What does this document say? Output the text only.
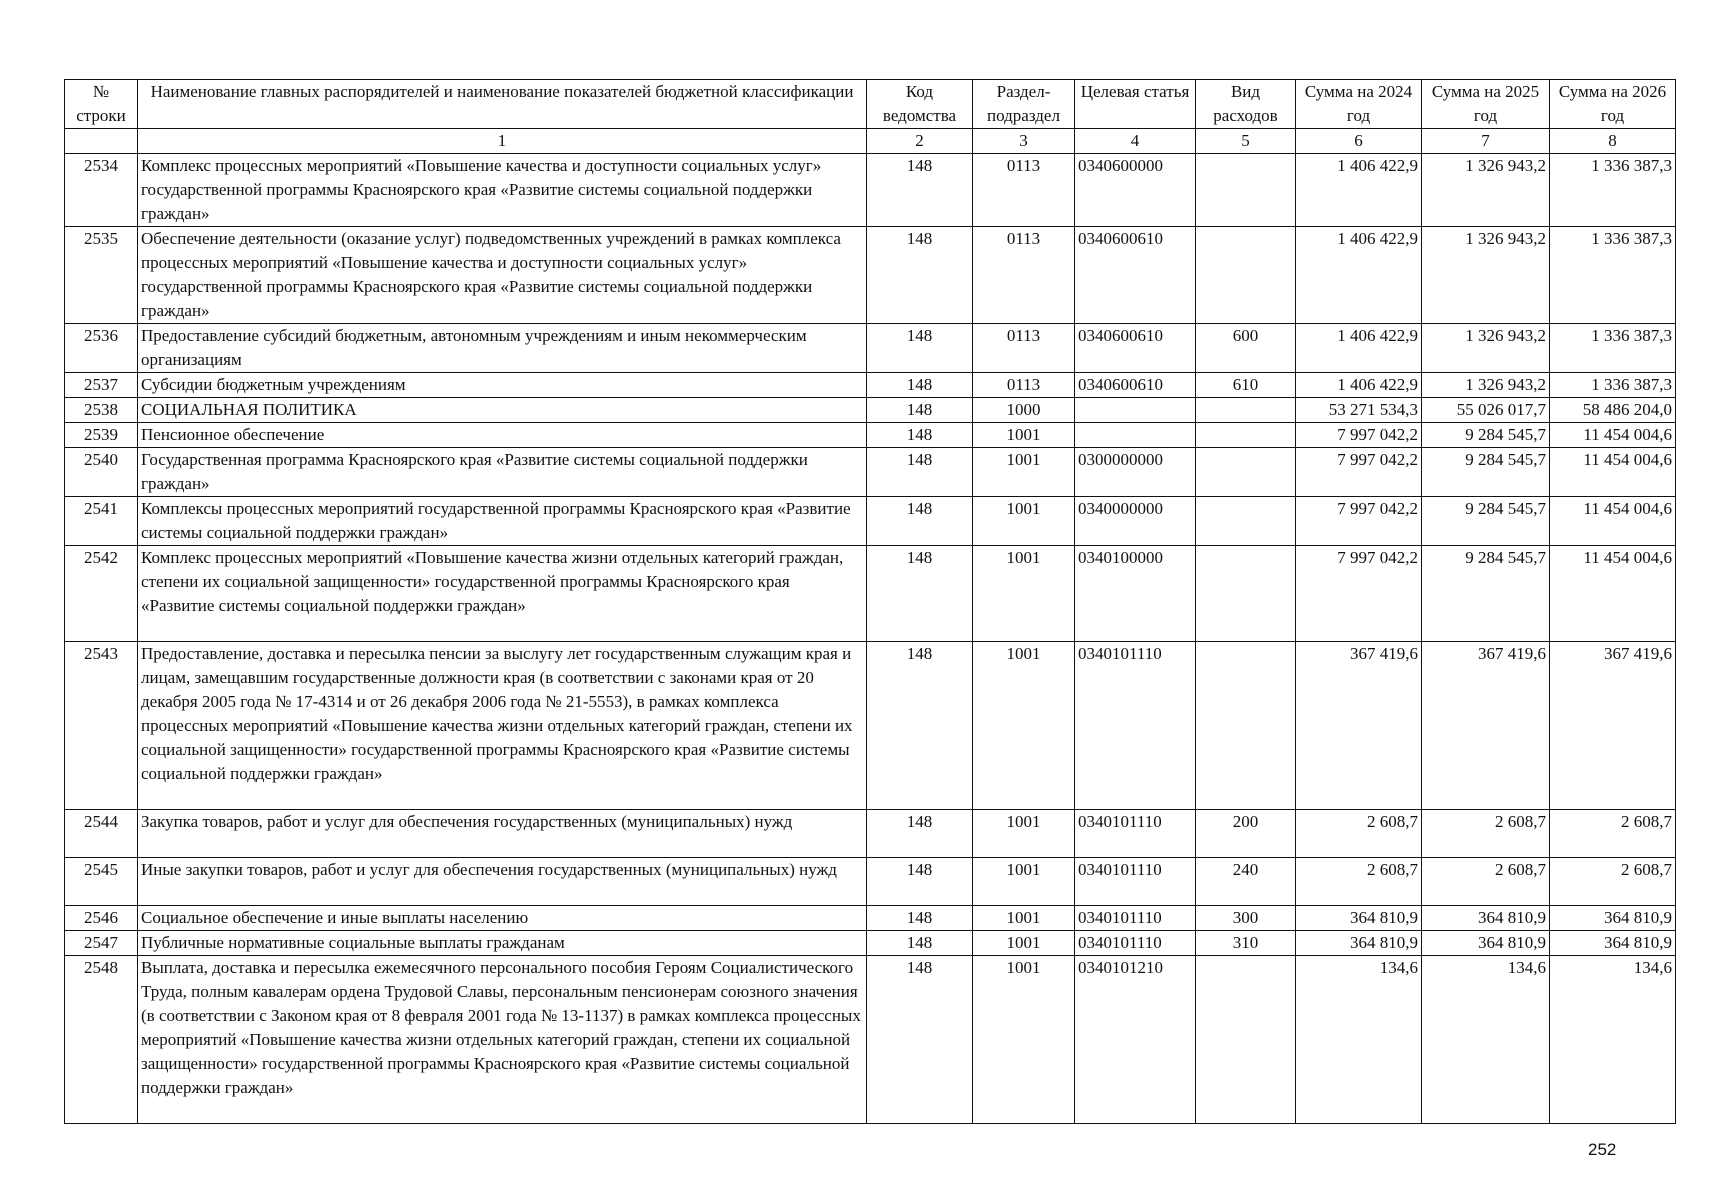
№ строки	Наименование главных распорядителей и наименование показателей бюджетной классификации	Код ведомства	Раздел-подраздел	Целевая статья	Вид расходов	Сумма на 2024 год	Сумма на 2025 год	Сумма на 2026 год
	1	2	3	4	5	6	7	8
2534	Комплекс процессных мероприятий «Повышение качества и доступности социальных услуг» государственной программы Красноярского края «Развитие системы социальной поддержки граждан»	148	0113	0340600000		1 406 422,9	1 326 943,2	1 336 387,3
2535	Обеспечение деятельности (оказание услуг) подведомственных учреждений в рамках комплекса процессных мероприятий «Повышение качества и доступности социальных услуг» государственной программы Красноярского края «Развитие системы социальной поддержки граждан»	148	0113	0340600610		1 406 422,9	1 326 943,2	1 336 387,3
2536	Предоставление субсидий бюджетным, автономным учреждениям и иным некоммерческим организациям	148	0113	0340600610	600	1 406 422,9	1 326 943,2	1 336 387,3
2537	Субсидии бюджетным учреждениям	148	0113	0340600610	610	1 406 422,9	1 326 943,2	1 336 387,3
2538	СОЦИАЛЬНАЯ ПОЛИТИКА	148	1000			53 271 534,3	55 026 017,7	58 486 204,0
2539	Пенсионное обеспечение	148	1001			7 997 042,2	9 284 545,7	11 454 004,6
2540	Государственная программа Красноярского края «Развитие системы социальной поддержки граждан»	148	1001	0300000000		7 997 042,2	9 284 545,7	11 454 004,6
2541	Комплексы процессных мероприятий государственной программы Красноярского края «Развитие системы социальной поддержки граждан»	148	1001	0340000000		7 997 042,2	9 284 545,7	11 454 004,6
2542	Комплекс процессных мероприятий «Повышение качества жизни отдельных категорий граждан, степени их социальной защищенности» государственной программы Красноярского края «Развитие системы социальной поддержки граждан»	148	1001	0340100000		7 997 042,2	9 284 545,7	11 454 004,6
2543	Предоставление, доставка и пересылка пенсии за выслугу лет государственным служащим края и лицам, замещавшим государственные должности края (в соответствии с законами края от 20 декабря 2005 года № 17-4314 и от 26 декабря 2006 года № 21-5553), в рамках комплекса процессных мероприятий «Повышение качества жизни отдельных категорий граждан, степени их социальной защищенности» государственной программы Красноярского края «Развитие системы социальной поддержки граждан»	148	1001	0340101110		367 419,6	367 419,6	367 419,6
2544	Закупка товаров, работ и услуг для обеспечения государственных (муниципальных) нужд	148	1001	0340101110	200	2 608,7	2 608,7	2 608,7
2545	Иные закупки товаров, работ и услуг для обеспечения государственных (муниципальных) нужд	148	1001	0340101110	240	2 608,7	2 608,7	2 608,7
2546	Социальное обеспечение и иные выплаты населению	148	1001	0340101110	300	364 810,9	364 810,9	364 810,9
2547	Публичные нормативные социальные выплаты гражданам	148	1001	0340101110	310	364 810,9	364 810,9	364 810,9
2548	Выплата, доставка и пересылка ежемесячного персонального пособия Героям Социалистического Труда, полным кавалерам ордена Трудовой Славы, персональным пенсионерам союзного значения (в соответствии с Законом края от 8 февраля 2001 года № 13-1137) в рамках комплекса процессных мероприятий «Повышение качества жизни отдельных категорий граждан, степени их социальной защищенности» государственной программы Красноярского края «Развитие системы социальной поддержки граждан»	148	1001	0340101210		134,6	134,6	134,6
252
